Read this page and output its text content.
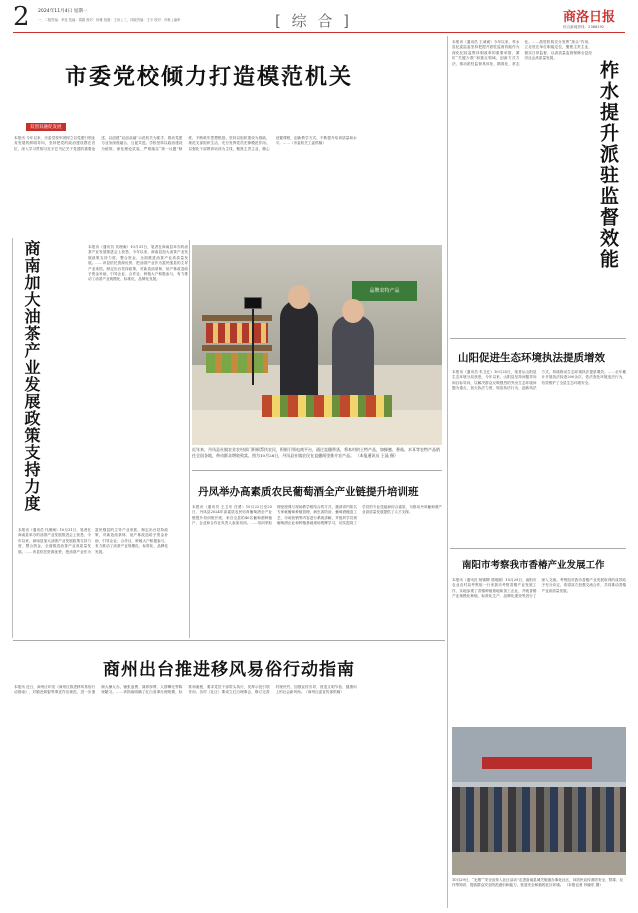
2 2024年11月4日 星期一
一、二版责编：李亚 技编：胡娟 校对：杨雅 组版：王伟 | 三、四版责编：王平 校对：肖帆 | 编审	[ 综 合 ]	商洛日报
综合新闻热线：2386292
市委党校倾力打造模范机关
双创双融促发展
本报讯 今年以来，市委党校牢固树立以党建引领业务发展的鲜明导向，坚持把党的政治建设摆在首位，深入学习贯彻习近平总书记关于党建的重要论述，以创建“双创双融”示范机关为抓手，推动党建与业务深度融合、互促共进。学校坚持以政治建设为统领，深化理论武装，严格落实“第一议题”制度，不断筑牢思想根基。坚持以组织建设为基础，规范支部组织生活，充分发挥党员先锋模范作用。以强化干部教育培训为主线，聚焦主责主业，精心设置课程，创新教学方式，不断提升培训质量和水平。……（市委机关工委供稿）	柞水提升派驻监督效能
本报讯（通讯员 王诚诚）今年以来，柞水县纪委监委坚持把提升派驻监督效能作为深化纪检监察体制改革的重要举措，紧盯“关键少数”和重点领域，创新方式方法，推动派驻监督具体化、精准化、常态化。……派驻机构充分发挥“探头”作用，立足驻在单位职能定位，聚焦主责主业，做实日常监督，以高质量监督保障全县经济社会高质量发展。
商南加大油茶产业发展政策支持力度
本报讯（通讯员 代理淘）10月31日，笔者在商南县举办的油茶产业发展推进会上获悉，今年以来，商南县加大油茶产业发展政策支持力度，整合资金，全面推进油茶产业高质量发展。……该县依托资源优势，把油茶产业作为富民强县的主导产业来抓，制定出台扶持政策，对新造油茶林、低产林改造给予资金补助，引导企业、合作社、种植大户积极参与，有力推动了油茶产业规模化、标准化、品牌化发展。
本报讯（通讯员 代理淘）10月31日，笔者在商南县举办的油茶产业发展推进会上获悉，今年以来，商南县加大油茶产业发展政策支持力度，整合资金，全面推进油茶产业高质量发展。……该县依托资源优势，把油茶产业作为富民强县的主导产业来抓，制定出台扶持政策，对新造油茶林、低产林改造给予资金补助，引导企业、合作社、种植大户积极参与，有力推动了油茶产业规模化、标准化、品牌化发展。
品牌农特产品
近年来，丹凤县社镇农业农村部门积极帮扶农民，积极引领电商平台，通过直播带货，将本村的土特产品，如蜂蜜、香菇、木耳等农特产品销往全国各地，带动群众增收致富。图为10月28日，丹凤县社镇农民在直播间里推介农产品。 （本报通讯员 王晶 摄）
丹凤举办高素质农民葡萄酒全产业链提升培训班
本报讯（通讯员 王卫东 任勇）10月22日至25日，丹凤县2024年高素质农民培育葡萄酒全产业链提升培训班开班，来自全县的40名葡萄酒种植户、企业和合作社负责人参加培训。……培训采取理论授课与现场教学相结合的方式，邀请省内知名专家就葡萄种植管理、病虫害防治、葡萄酒酿造工艺、市场营销等内容进行系统讲解，并组织学员到葡萄酒企业和种植基地现场观摩学习，切实提高了学员的专业技能和综合素质，为推动丹凤葡萄酒产业高质量发展提供了人才支撑。
山阳促进生态环境执法提质增效
本报讯（通讯员 朱卫红）10月25日，笔者从山阳县生态环境分局获悉，今年以来，山阳县坚持问题导向和目标导向，以解决群众反映强烈的突出生态环境问题为重点，加大执法力度，规范执法行为，创新执法方式，持续推动生态环境执法提质增效。……全年累计开展执法检查200余次，依法查处环境违法行为，有效维护了全县生态环境安全。
南阳市考察我市香椿产业发展工作
本报讯（通讯员 杨锦柳 冒刚刚）10月29日，南阳市农业农村局考察组一行来我市考察香椿产业发展工作，实地参观了香椿种植基地和加工企业，并就香椿产业规模化种植、标准化生产、品牌化建设等进行了深入交流。考察组对我市香椿产业发展取得的成效给予充分肯定，希望双方加强交流合作，共同推动香椿产业高质量发展。
商州出台推进移风易俗行动指南
本报讯 近日，商州区印发《商州区推进移风易俗行动指南》，对婚丧嫁娶等事宜作出规范，进一步遏制大操大办、铺张浪费、薄养厚葬、人情攀比等陈规陋习。……该指南明确了红白喜事办理规模、标准和流程，要求党员干部带头执行，发挥示范引领作用；各村（社区）要成立红白理事会，修订完善村规民约，加强宣传引导，营造文明节俭、健康向上的社会新风尚。（商州区委宣传部供稿）
10月29日，“无烟”“安全宣传入社区活动”走进洛南县城关街道办事处社区，向居民宣传消防安全、禁毒、反诈等知识，提高群众安全防范意识和能力，营造安全和谐的社区环境。 （本报记者 肖晓东 摄）
